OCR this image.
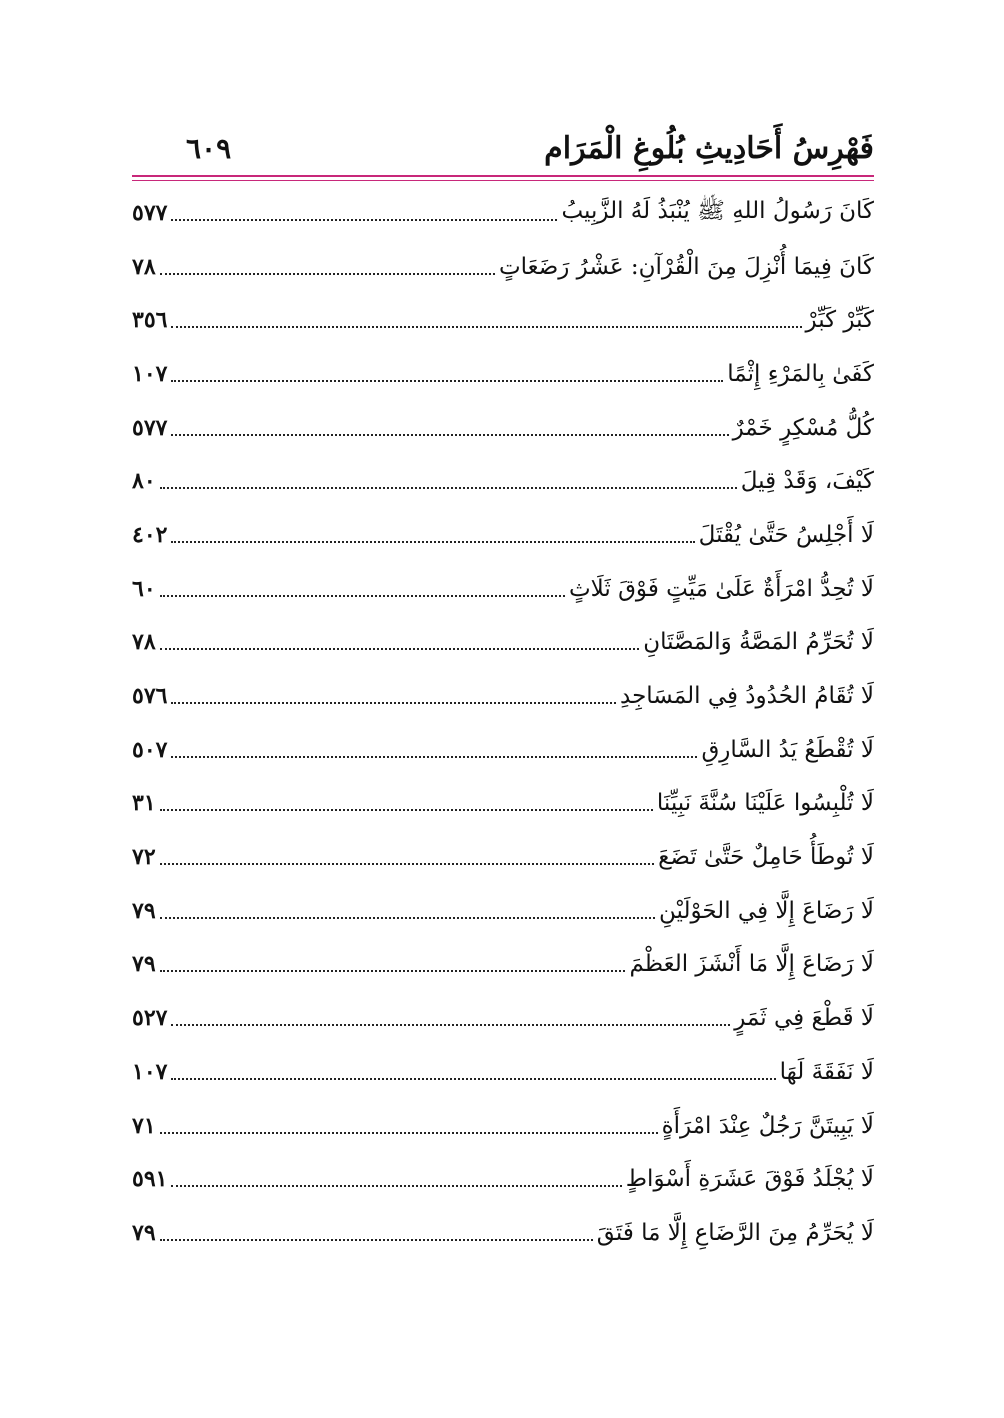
فَهْرِسُ أَحَادِيثِ بُلُوغِ الْمَرَام
٦٠٩
كَانَ رَسُولُ اللهِ ﷺ يُنْبَذُ لَهُ الزَّبِيبُ
٥٧٧
كَانَ فِيمَا أُنْزِلَ مِنَ الْقُرْآنِ: عَشْرُ رَضَعَاتٍ
٧٨
كَبِّرْ كَبِّرْ
٣٥٦
كَفَىٰ بِالمَرْءِ إِثْمًا
١٠٧
كُلُّ مُسْكِرٍ خَمْرٌ
٥٧٧
كَيْفَ، وَقَدْ قِيلَ
٨٠
لَا أَجْلِسُ حَتَّىٰ يُقْتَلَ
٤٠٢
لَا تُحِدُّ امْرَأَةٌ عَلَىٰ مَيِّتٍ فَوْقَ ثَلَاثٍ
٦٠
لَا تُحَرِّمُ المَصَّةُ وَالمَصَّتَانِ
٧٨
لَا تُقَامُ الحُدُودُ فِي المَسَاجِدِ
٥٧٦
لَا تُقْطَعُ يَدُ السَّارِقِ
٥٠٧
لَا تُلْبِسُوا عَلَيْنَا سُنَّةَ نَبِيِّنَا
٣١
لَا تُوطَأُ حَامِلٌ حَتَّىٰ تَضَعَ
٧٢
لَا رَضَاعَ إِلَّا فِي الحَوْلَيْنِ
٧٩
لَا رَضَاعَ إِلَّا مَا أَنْشَزَ العَظْمَ
٧٩
لَا قَطْعَ فِي ثَمَرٍ
٥٢٧
لَا نَفَقَةَ لَهَا
١٠٧
لَا يَبِيتَنَّ رَجُلٌ عِنْدَ امْرَأَةٍ
٧١
لَا يُجْلَدُ فَوْقَ عَشَرَةِ أَسْوَاطٍ
٥٩١
لَا يُحَرِّمُ مِنَ الرَّضَاعِ إِلَّا مَا فَتَقَ
٧٩
